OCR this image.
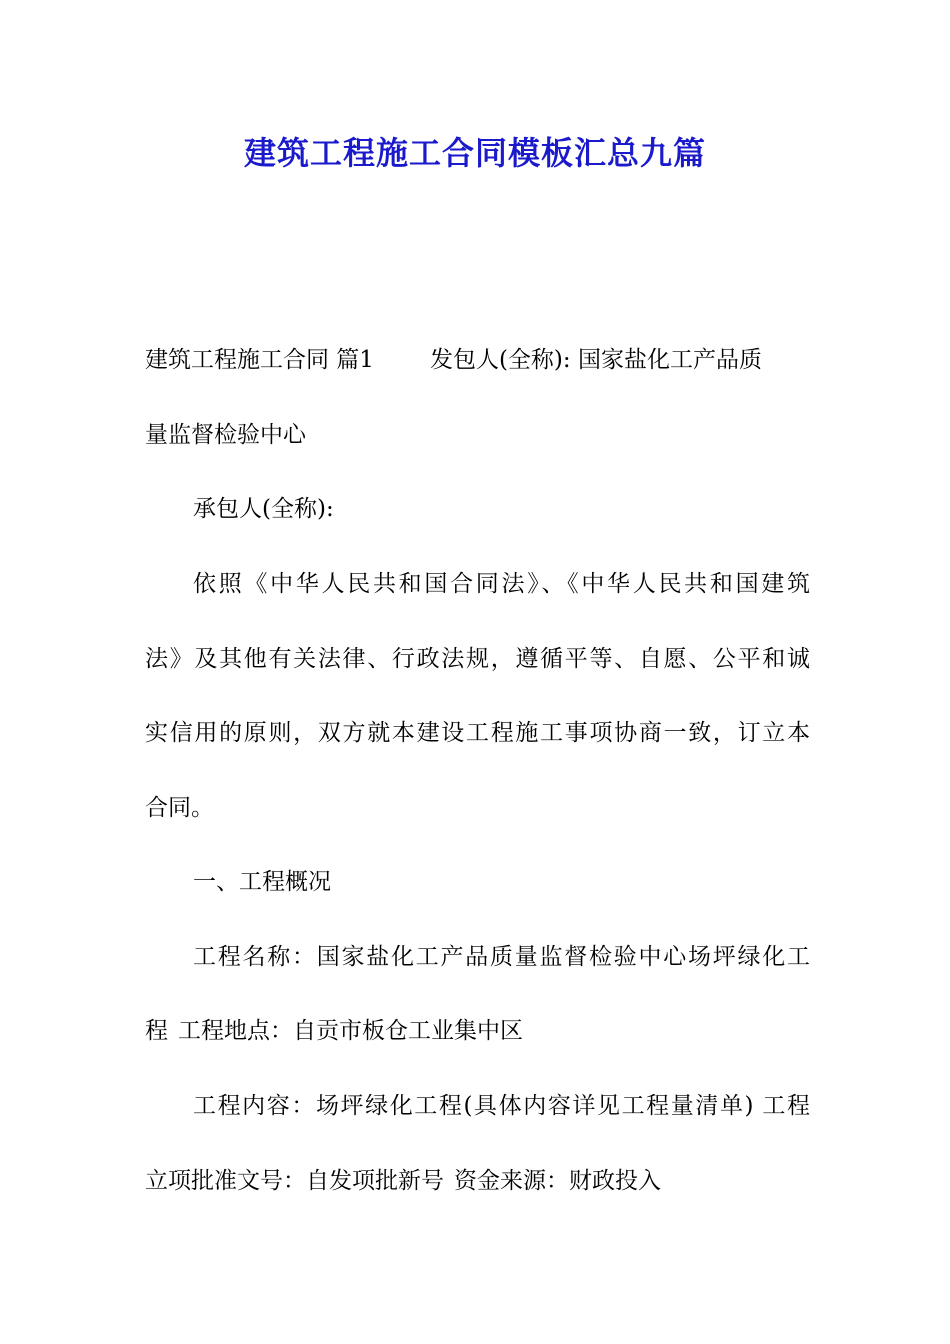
建筑工程施工合同模板汇总九篇

建筑工程施工合同 篇1 发包人(全称): 国家盐化工产品质

量监督检验中心

承包人(全称):

依照《中华人民共和国合同法》、《中华人民共和国建筑

法》及其他有关法律、行政法规，遵循平等、自愿、公平和诚

实信用的原则，双方就本建设工程施工事项协商一致，订立本

合同。

一、工程概况

工程名称：国家盐化工产品质量监督检验中心场坪绿化工

程 工程地点：自贡市板仓工业集中区

工程内容：场坪绿化工程(具体内容详见工程量清单) 工程

立项批准文号：自发项批新号 资金来源：财政投入
